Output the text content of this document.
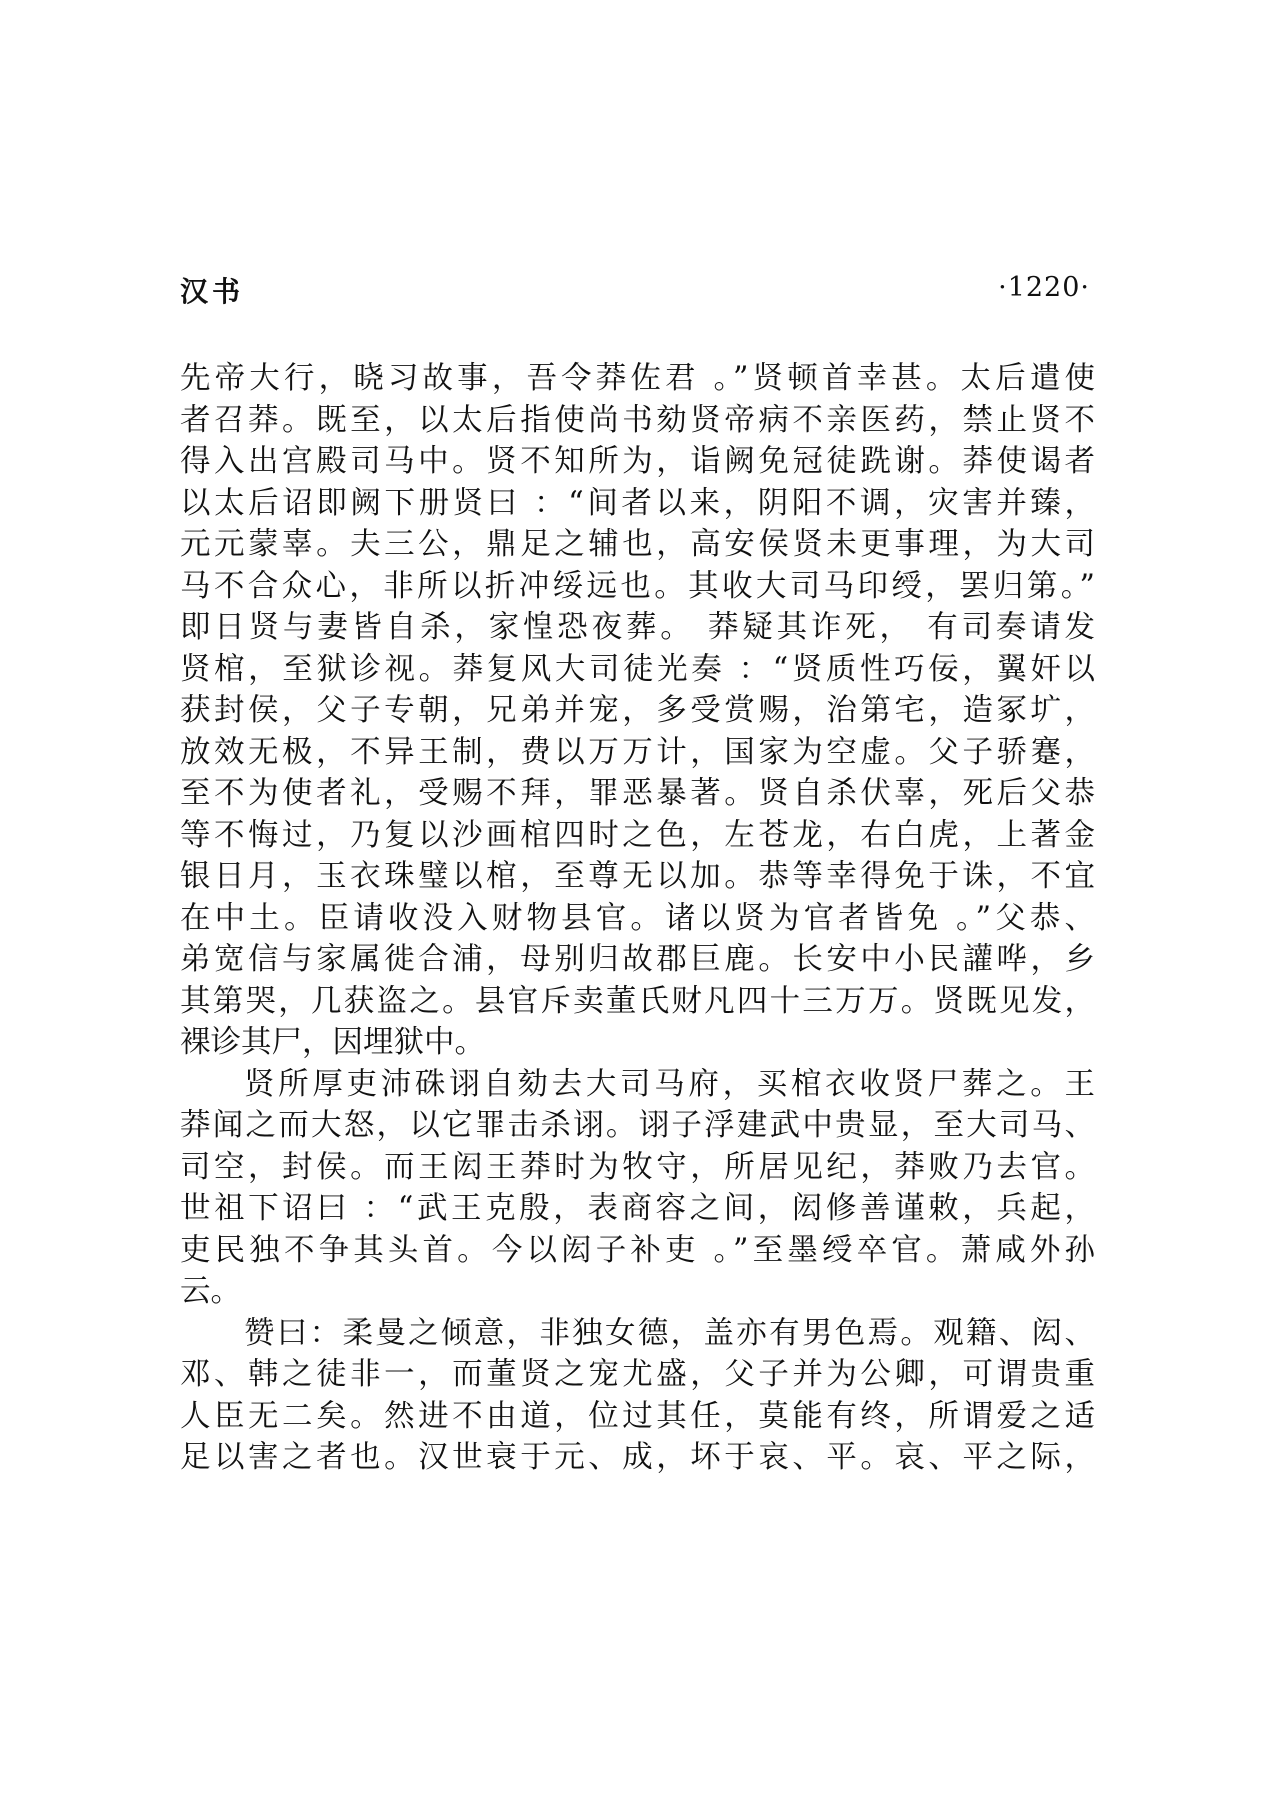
汉书	·1220·
先帝大行，晓习故事，吾令莽佐君 。”贤顿首幸甚。太后遣使
者召莽。既至，以太后指使尚书劾贤帝病不亲医药，禁止贤不
得入出宫殿司马中。贤不知所为，诣阙免冠徒跣谢。莽使谒者
以太后诏即阙下册贤曰 ：“间者以来，阴阳不调，灾害并臻，
元元蒙辜。夫三公，鼎足之辅也，高安侯贤未更事理，为大司
马不合众心，非所以折冲绥远也。其收大司马印绶，罢归第。”
即日贤与妻皆自杀，家惶恐夜葬。 莽疑其诈死， 有司奏请发
贤棺，至狱诊视。莽复风大司徒光奏 ：“贤质性巧佞，翼奸以
获封侯，父子专朝，兄弟并宠，多受赏赐，治第宅，造冢圹，
放效无极，不异王制，费以万万计，国家为空虚。父子骄蹇，
至不为使者礼，受赐不拜，罪恶暴著。贤自杀伏辜，死后父恭
等不悔过，乃复以沙画棺四时之色，左苍龙，右白虎，上著金
银日月，玉衣珠璧以棺，至尊无以加。恭等幸得免于诛，不宜
在中土。臣请收没入财物县官。诸以贤为官者皆免 。”父恭、
弟宽信与家属徙合浦，母别归故郡巨鹿。长安中小民讙哗，乡
其第哭，几获盗之。县官斥卖董氏财凡四十三万万。贤既见发，
裸诊其尸，因埋狱中。
贤所厚吏沛硃诩自劾去大司马府，买棺衣收贤尸葬之。王
莽闻之而大怒，以它罪击杀诩。诩子浮建武中贵显，至大司马、
司空，封侯。而王闳王莽时为牧守，所居见纪，莽败乃去官。
世祖下诏曰 ：“武王克殷，表商容之间，闳修善谨敕，兵起，
吏民独不争其头首。今以闳子补吏 。”至墨绶卒官。萧咸外孙
云。
赞曰：柔曼之倾意，非独女德，盖亦有男色焉。观籍、闳、
邓、韩之徒非一，而董贤之宠尤盛，父子并为公卿，可谓贵重
人臣无二矣。然进不由道，位过其任，莫能有终，所谓爱之适
足以害之者也。汉世衰于元、成，坏于哀、平。哀、平之际，
